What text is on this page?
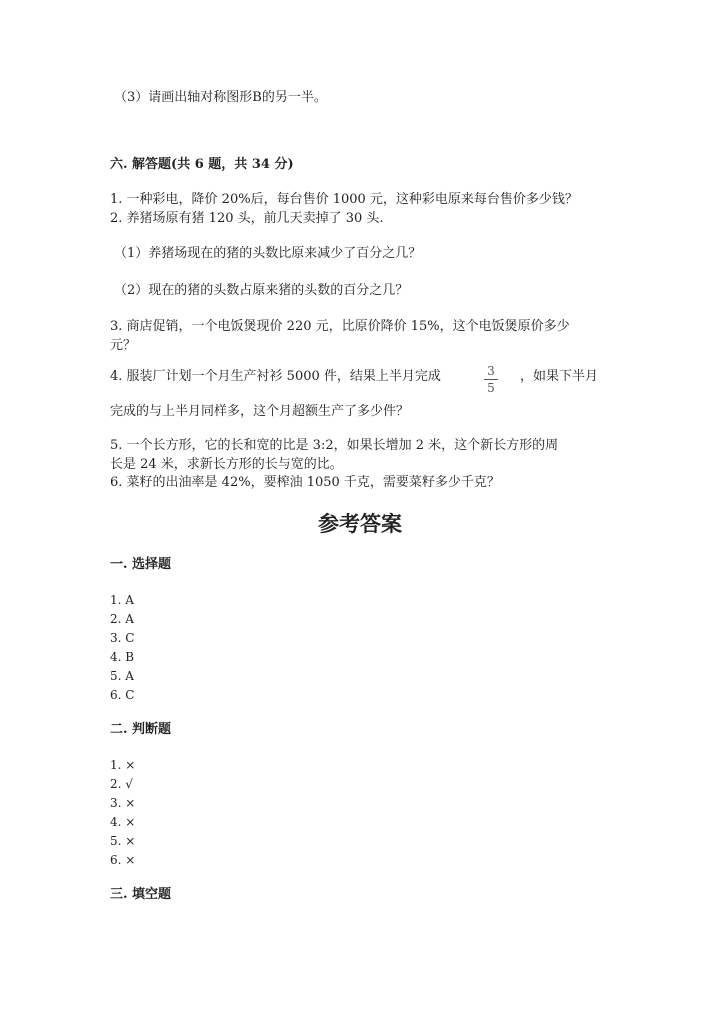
（3）请画出轴对称图形B的另一半。
六. 解答题(共 6 题，共 34 分)
1. 一种彩电，降价 20%后，每台售价 1000 元，这种彩电原来每台售价多少钱？
2. 养猪场原有猪 120 头，前几天卖掉了 30 头.
（1）养猪场现在的猪的头数比原来减少了百分之几？
（2）现在的猪的头数占原来猪的头数的百分之几？
3. 商店促销，一个电饭煲现价 220 元，比原价降价 15%，这个电饭煲原价多少
元？
4. 服装厂计划一个月生产衬衫 5000 件，结果上半月完成	3
5
，如果下半月
完成的与上半月同样多，这个月超额生产了多少件？
5. 一个长方形，它的长和宽的比是 3:2，如果长增加 2 米，这个新长方形的周
长是 24 米，求新长方形的长与宽的比。
6. 菜籽的出油率是 42%，要榨油 1050 千克，需要菜籽多少千克？
参考答案
一. 选择题
1. A
2. A
3. C
4. B
5. A
6. C
二. 判断题
1. ×
2. √
3. ×
4. ×
5. ×
6. ×
三. 填空题
